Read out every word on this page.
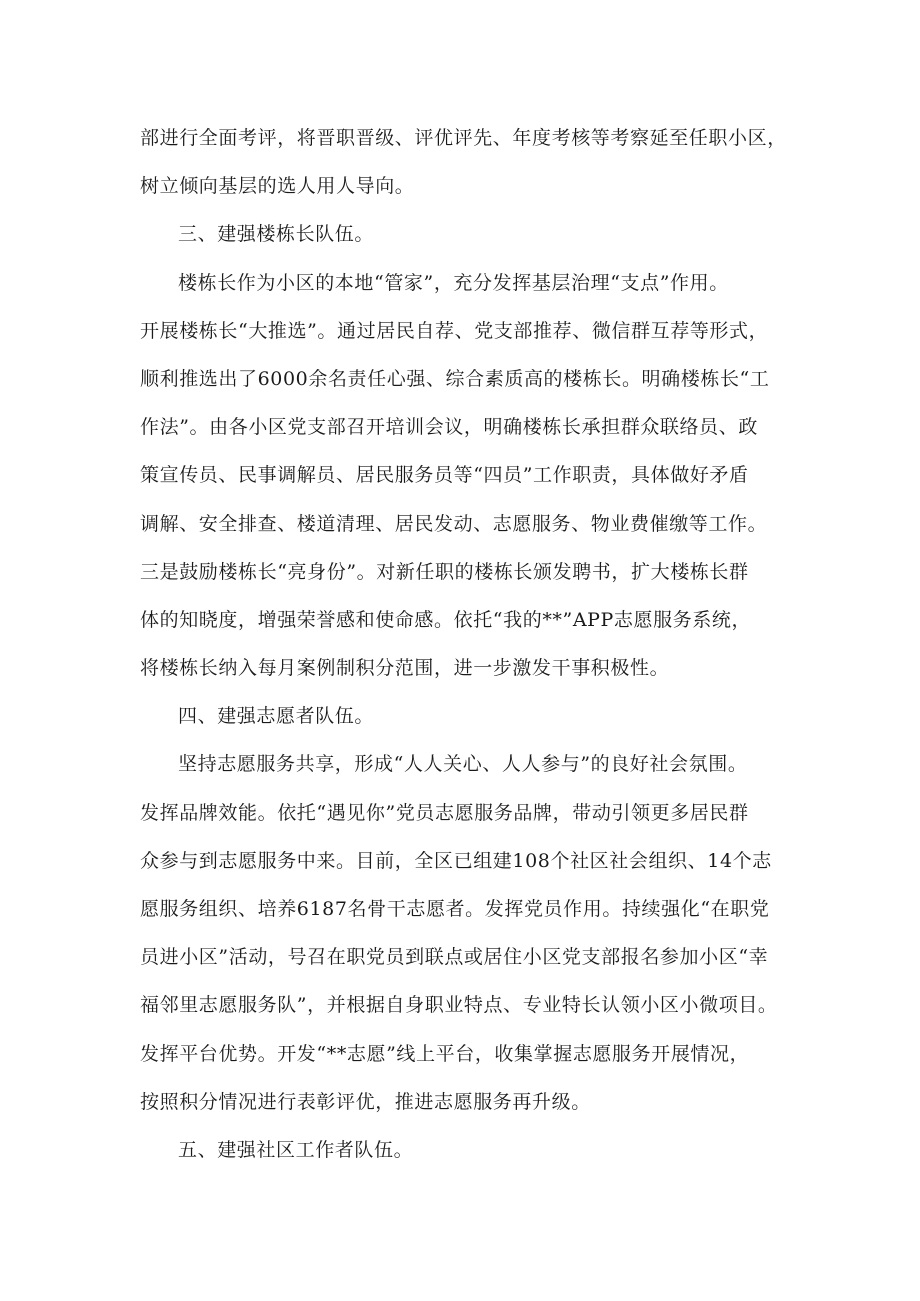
部进行全面考评，将晋职晋级、评优评先、年度考核等考察延至任职小区，
树立倾向基层的选人用人导向。
三、建强楼栋长队伍。
楼栋长作为小区的本地“管家”，充分发挥基层治理“支点”作用。
开展楼栋长“大推选”。通过居民自荐、党支部推荐、微信群互荐等形式，
顺利推选出了6000余名责任心强、综合素质高的楼栋长。明确楼栋长“工
作法”。由各小区党支部召开培训会议，明确楼栋长承担群众联络员、政
策宣传员、民事调解员、居民服务员等“四员”工作职责，具体做好矛盾
调解、安全排查、楼道清理、居民发动、志愿服务、物业费催缴等工作。
三是鼓励楼栋长“亮身份”。对新任职的楼栋长颁发聘书，扩大楼栋长群
体的知晓度，增强荣誉感和使命感。依托“我的**”APP志愿服务系统，
将楼栋长纳入每月案例制积分范围，进一步激发干事积极性。
四、建强志愿者队伍。
坚持志愿服务共享，形成“人人关心、人人参与”的良好社会氛围。
发挥品牌效能。依托“遇见你”党员志愿服务品牌，带动引领更多居民群
众参与到志愿服务中来。目前，全区已组建108个社区社会组织、14个志
愿服务组织、培养6187名骨干志愿者。发挥党员作用。持续强化“在职党
员进小区”活动，号召在职党员到联点或居住小区党支部报名参加小区“幸
福邻里志愿服务队”，并根据自身职业特点、专业特长认领小区小微项目。
发挥平台优势。开发“**志愿”线上平台，收集掌握志愿服务开展情况，
按照积分情况进行表彰评优，推进志愿服务再升级。
五、建强社区工作者队伍。
